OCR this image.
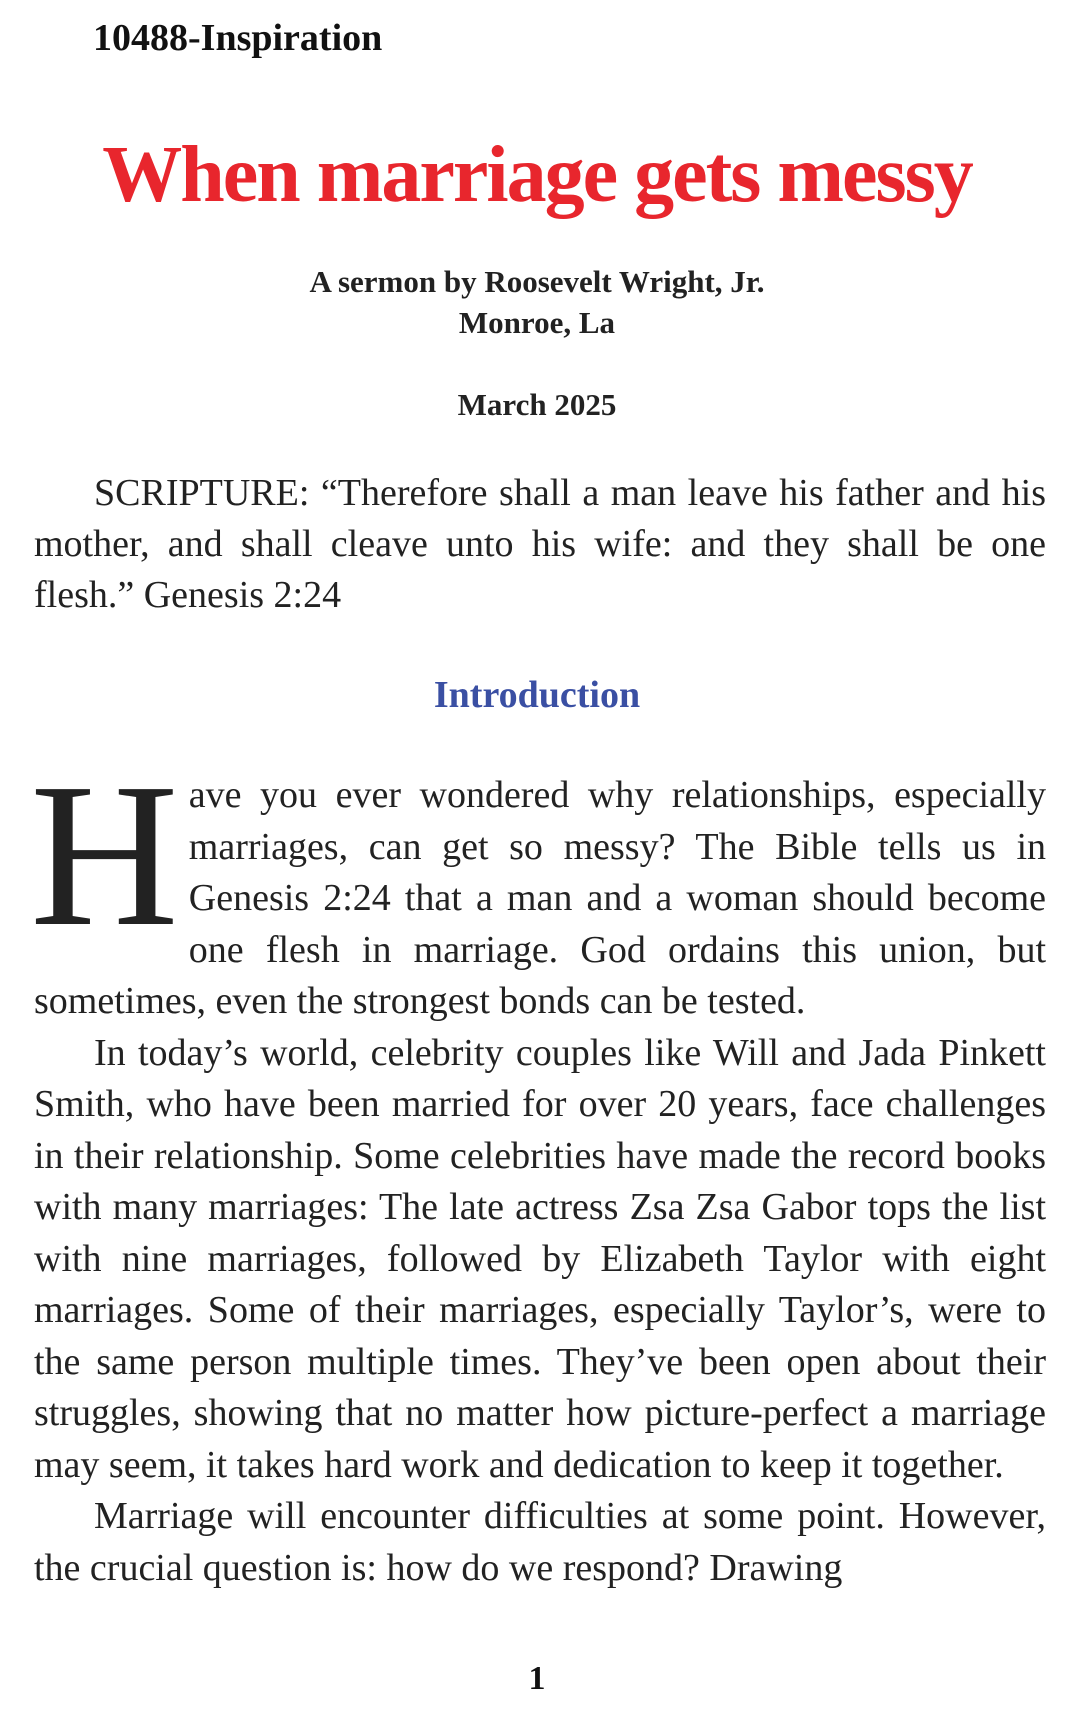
10488-Inspiration
When marriage gets messy
A sermon by Roosevelt Wright, Jr.
Monroe, La
March 2025

SCRIPTURE: “Therefore shall a man leave his father and his mother, and shall cleave unto his wife: and they shall be one flesh.” Genesis 2:24

Introduction

Have you ever wondered why relationships, especially marriages, can get so messy? The Bible tells us in Genesis 2:24 that a man and a woman should become one flesh in marriage. God ordains this union, but sometimes, even the strongest bonds can be tested.

In today’s world, celebrity couples like Will and Jada Pinkett Smith, who have been married for over 20 years, face challenges in their relationship. Some celebrities have made the record books with many marriages: The late actress Zsa Zsa Gabor tops the list with nine marriages, followed by Elizabeth Taylor with eight marriages. Some of their marriages, especially Taylor’s, were to the same person multiple times. They’ve been open about their struggles, showing that no matter how picture-perfect a marriage may seem, it takes hard work and dedication to keep it together.

Marriage will encounter difficulties at some point. However, the crucial question is: how do we respond? Drawing

1
